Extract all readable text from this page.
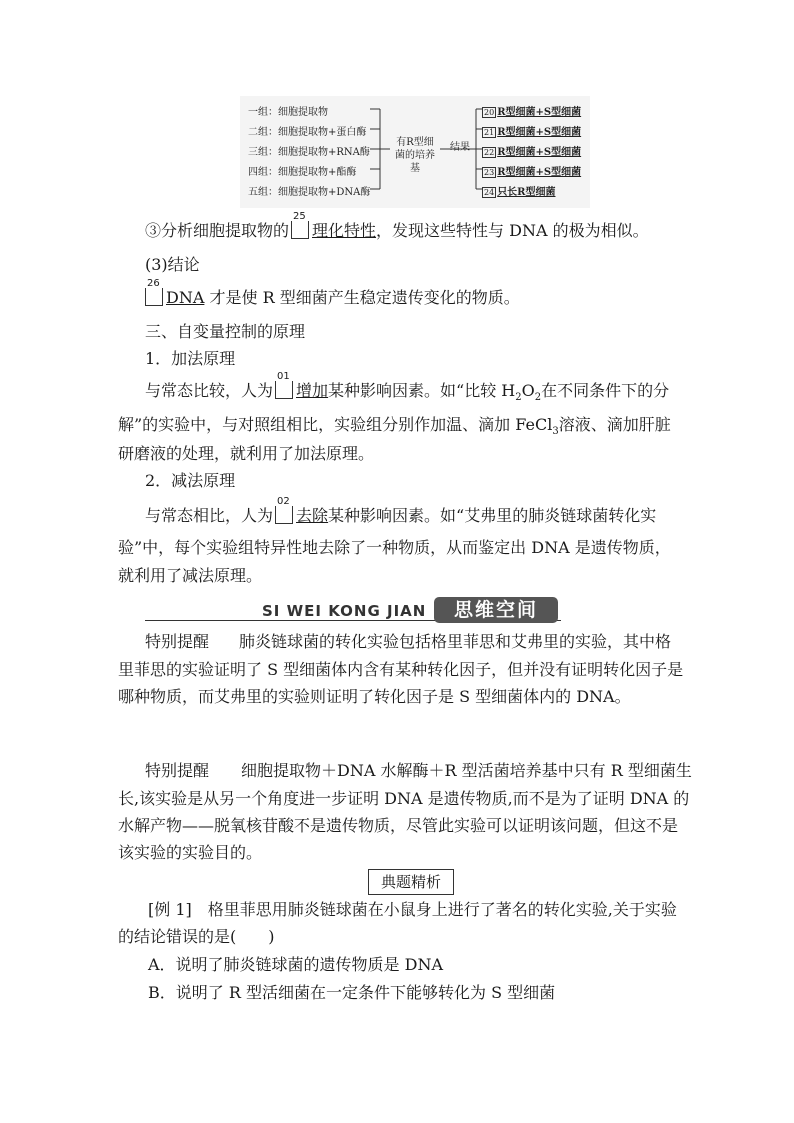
一组：细胞提取物
二组：细胞提取物+蛋白酶
三组：细胞提取物+RNA酶
四组：细胞提取物+酯酶
五组：细胞提取物+DNA酶
有R型细菌的培养基
结果
20 R型细菌+S型细菌
21 R型细菌+S型细菌
22 R型细菌+S型细菌
23 R型细菌+S型细菌
24 只长R型细菌
③分析细胞提取物的
25
理化特性，发现这些特性与 DNA 的极为相似。
(3)结论
26
DNA 才是使 R 型细菌产生稳定遗传变化的物质。
三、自变量控制的原理
1．加法原理
与常态比较，人为
01
增加某种影响因素。如“比较 $H_2O_2$在不同条件下的分
解”的实验中，与对照组相比，实验组分别作加温、滴加 FeCl$_3$溶液、滴加肝脏
研磨液的处理，就利用了加法原理。
2．减法原理
与常态相比，人为
02
去除某种影响因素。如“艾弗里的肺炎链球菌转化实
验”中，每个实验组特异性地去除了一种物质，从而鉴定出 DNA 是遗传物质，
就利用了减法原理。
SI WEI KONG JIAN	思维空间
特别提醒 肺炎链球菌的转化实验包括格里菲思和艾弗里的实验，其中格
里菲思的实验证明了 S 型细菌体内含有某种转化因子，但并没有证明转化因子是
哪种物质，而艾弗里的实验则证明了转化因子是 S 型细菌体内的 DNA。
特别提醒 细胞提取物＋DNA 水解酶＋R 型活菌培养基中只有 R 型细菌生
长,该实验是从另一个角度进一步证明 DNA 是遗传物质,而不是为了证明 DNA 的
水解产物——脱氧核苷酸不是遗传物质，尽管此实验可以证明该问题，但这不是
该实验的实验目的。
典题精析
[例 1]　格里菲思用肺炎链球菌在小鼠身上进行了著名的转化实验,关于实验
的结论错误的是(　　)
A．说明了肺炎链球菌的遗传物质是 DNA
B．说明了 R 型活细菌在一定条件下能够转化为 S 型细菌
